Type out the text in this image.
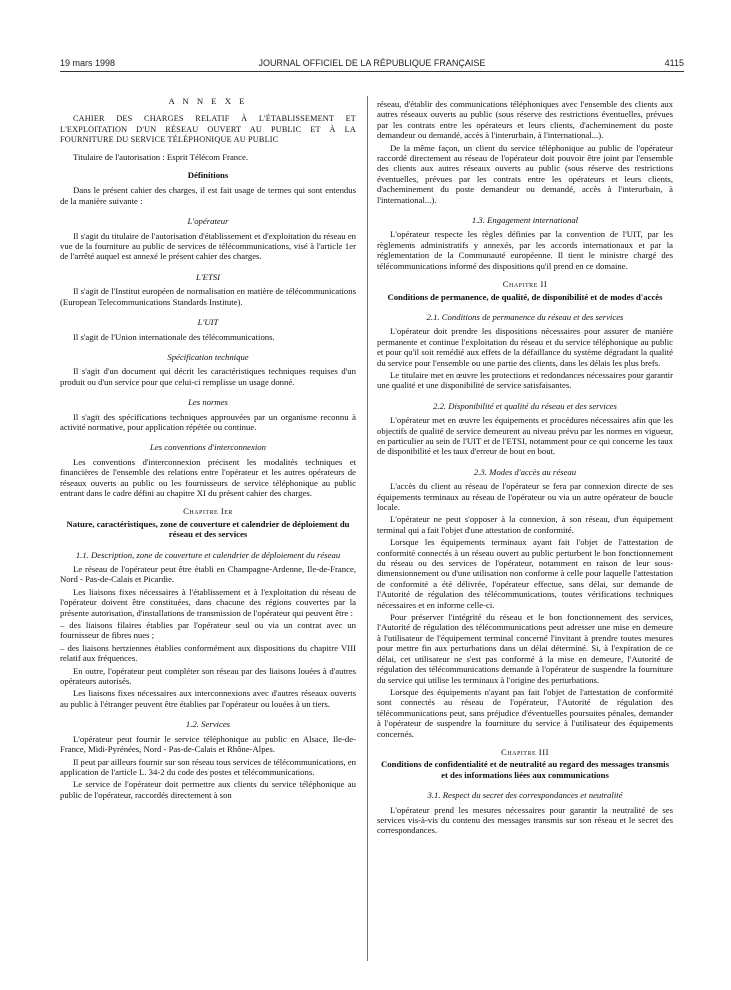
19 mars 1998	JOURNAL OFFICIEL DE LA RÉPUBLIQUE FRANÇAISE	4115
A N N E X E

CAHIER DES CHARGES RELATIF À L'ÉTABLISSEMENT ET L'EXPLOITATION D'UN RÉSEAU OUVERT AU PUBLIC ET À LA FOURNITURE DU SERVICE TÉLÉPHONIQUE AU PUBLIC

Titulaire de l'autorisation : Esprit Télécom France.

Définitions

Dans le présent cahier des charges, il est fait usage de termes qui sont entendus de la manière suivante :

L'opérateur

Il s'agit du titulaire de l'autorisation d'établissement et d'exploitation du réseau en vue de la fourniture au public de services de télécommunications, visé à l'article 1er de l'arrêté auquel est annexé le présent cahier des charges.

L'ETSI

Il s'agit de l'Institut européen de normalisation en matière de télécommunications (European Telecommunications Standards Institute).

L'UIT

Il s'agit de l'Union internationale des télécommunications.

Spécification technique

Il s'agit d'un document qui décrit les caractéristiques techniques requises d'un produit ou d'un service pour que celui-ci remplisse un usage donné.

Les normes

Il s'agit des spécifications techniques approuvées par un organisme reconnu à activité normative, pour application répétée ou continue.

Les conventions d'interconnexion

Les conventions d'interconnexion précisent les modalités techniques et financières de l'ensemble des relations entre l'opérateur et les autres opérateurs de réseaux ouverts au public ou les fournisseurs de service téléphonique au public entrant dans le cadre défini au chapitre XI du présent cahier des charges.

Chapitre Ier
Nature, caractéristiques, zone de couverture et calendrier de déploiement du réseau et des services
1.1. Description, zone de couverture et calendrier de déploiement du réseau

Le réseau de l'opérateur peut être établi en Champagne-Ardenne, Ile-de-France, Nord - Pas-de-Calais et Picardie.

Les liaisons fixes nécessaires à l'établissement et à l'exploitation du réseau de l'opérateur doivent être constituées, dans chacune des régions couvertes par la présente autorisation, d'installations de transmission de l'opérateur qui peuvent être :

– des liaisons filaires établies par l'opérateur seul ou via un contrat avec un fournisseur de fibres nues ;

– des liaisons hertziennes établies conformément aux dispositions du chapitre VIII relatif aux fréquences.

En outre, l'opérateur peut compléter son réseau par des liaisons louées à d'autres opérateurs autorisés.

Les liaisons fixes nécessaires aux interconnexions avec d'autres réseaux ouverts au public à l'étranger peuvent être établies par l'opérateur ou louées à un tiers.

1.2. Services

L'opérateur peut fournir le service téléphonique au public en Alsace, Ile-de-France, Midi-Pyrénées, Nord - Pas-de-Calais et Rhône-Alpes.

Il peut par ailleurs fournir sur son réseau tous services de télécommunications, en application de l'article L. 34-2 du code des postes et télécommunications.

Le service de l'opérateur doit permettre aux clients du service téléphonique au public de l'opérateur, raccordés directement à son

réseau, d'établir des communications téléphoniques avec l'ensemble des clients aux autres réseaux ouverts au public (sous réserve des restrictions éventuelles, prévues par les contrats entre les opérateurs et leurs clients, d'acheminement du poste demandeur ou demandé, accès à l'interurbain, à l'international...).

De la même façon, un client du service téléphonique au public de l'opérateur raccordé directement au réseau de l'opérateur doit pouvoir être joint par l'ensemble des clients aux autres réseaux ouverts au public (sous réserve des restrictions éventuelles, prévues par les contrats entre les opérateurs et leurs clients, d'acheminement du poste demandeur ou demandé, accès à l'interurbain, à l'international...).

1.3. Engagement international

L'opérateur respecte les règles définies par la convention de l'UIT, par les règlements administratifs y annexés, par les accords internationaux et par la réglementation de la Communauté européenne. Il tient le ministre chargé des télécommunications informé des dispositions qu'il prend en ce domaine.

Chapitre II
Conditions de permanence, de qualité, de disponibilité et de modes d'accès
2.1. Conditions de permanence du réseau et des services

L'opérateur doit prendre les dispositions nécessaires pour assurer de manière permanente et continue l'exploitation du réseau et du service téléphonique au public et pour qu'il soit remédié aux effets de la défaillance du système dégradant la qualité du service pour l'ensemble ou une partie des clients, dans les délais les plus brefs.

Le titulaire met en œuvre les protections et redondances nécessaires pour garantir une qualité et une disponibilité de service satisfaisantes.

2.2. Disponibilité et qualité du réseau et des services

L'opérateur met en œuvre les équipements et procédures nécessaires afin que les objectifs de qualité de service demeurent au niveau prévu par les normes en vigueur, en particulier au sein de l'UIT et de l'ETSI, notamment pour ce qui concerne les taux de disponibilité et les taux d'erreur de bout en bout.

2.3. Modes d'accès au réseau

L'accès du client au réseau de l'opérateur se fera par connexion directe de ses équipements terminaux au réseau de l'opérateur ou via un autre opérateur de boucle locale.

L'opérateur ne peut s'opposer à la connexion, à son réseau, d'un équipement terminal qui a fait l'objet d'une attestation de conformité.

Lorsque les équipements terminaux ayant fait l'objet de l'attestation de conformité connectés à un réseau ouvert au public perturbent le bon fonctionnement du réseau ou des services de l'opérateur, notamment en raison de leur sous-dimensionnement ou d'une utilisation non conforme à celle pour laquelle l'attestation de conformité a été délivrée, l'opérateur effectue, sans délai, sur demande de l'Autorité de régulation des télécommunications, toutes vérifications techniques nécessaires et en informe celle-ci.

Pour préserver l'intégrité du réseau et le bon fonctionnement des services, l'Autorité de régulation des télécommunications peut adresser une mise en demeure à l'utilisateur de l'équipement terminal concerné l'invitant à prendre toutes mesures pour mettre fin aux perturbations dans un délai déterminé. Si, à l'expiration de ce délai, cet utilisateur ne s'est pas conformé à la mise en demeure, l'Autorité de régulation des télécommunications demande à l'opérateur de suspendre la fourniture du service qui utilise les terminaux à l'origine des perturbations.

Lorsque des équipements n'ayant pas fait l'objet de l'attestation de conformité sont connectés au réseau de l'opérateur, l'Autorité de régulation des télécommunications peut, sans préjudice d'éventuelles poursuites pénales, demander à l'opérateur de suspendre la fourniture du service à l'utilisateur des équipements concernés.

Chapitre III
Conditions de confidentialité et de neutralité au regard des messages transmis et des informations liées aux communications
3.1. Respect du secret des correspondances et neutralité

L'opérateur prend les mesures nécessaires pour garantir la neutralité de ses services vis-à-vis du contenu des messages transmis sur son réseau et le secret des correspondances.
